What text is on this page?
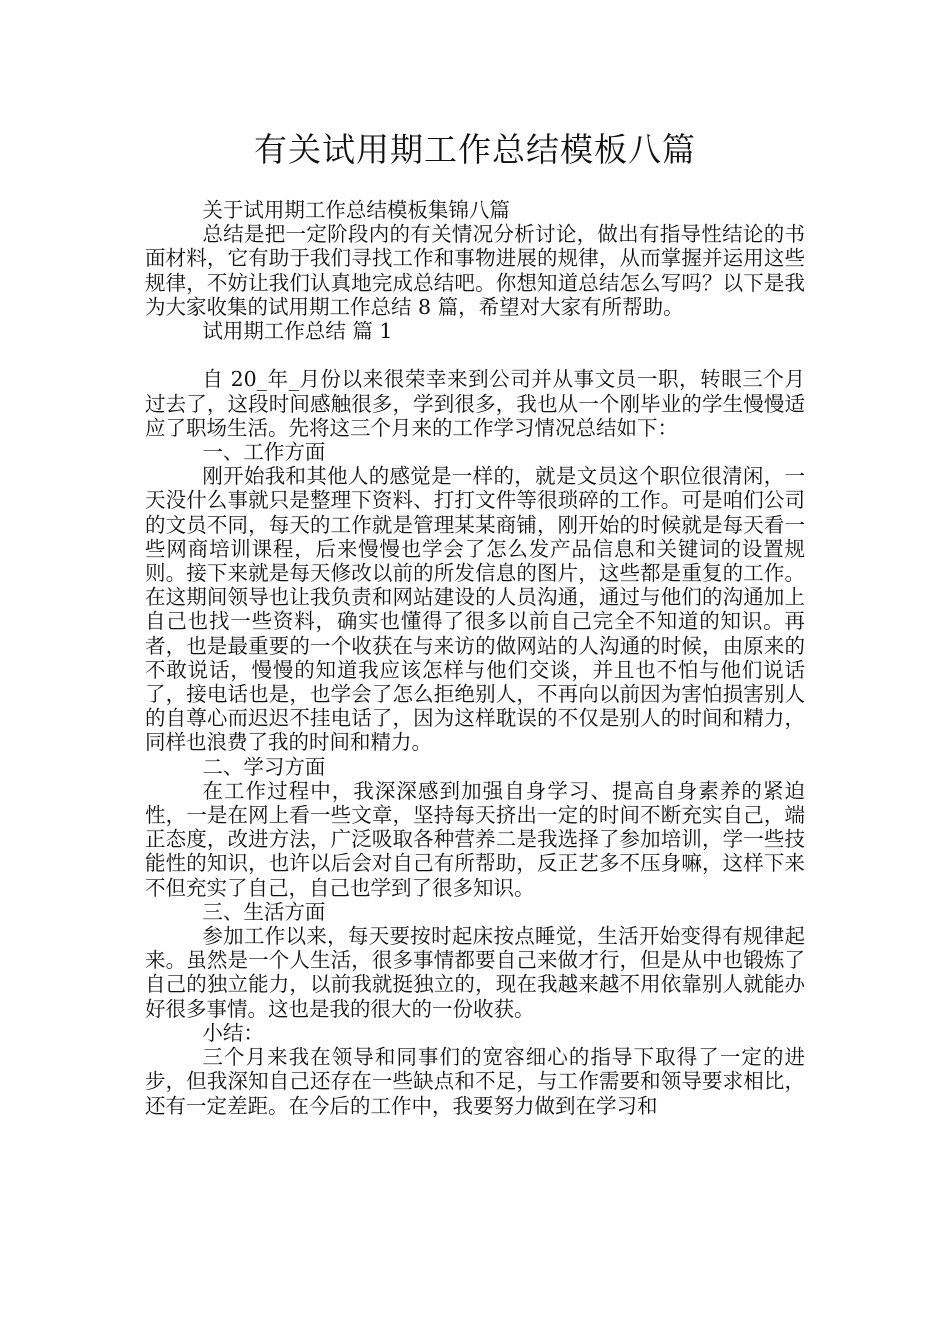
有关试用期工作总结模板八篇

关于试用期工作总结模板集锦八篇

总结是把一定阶段内的有关情况分析讨论，做出有指导性结论的书面材料，它有助于我们寻找工作和事物进展的规律，从而掌握并运用这些规律，不妨让我们认真地完成总结吧。你想知道总结怎么写吗？以下是我为大家收集的试用期工作总结 8 篇，希望对大家有所帮助。

试用期工作总结 篇 1

自 20_年_月份以来很荣幸来到公司并从事文员一职，转眼三个月过去了，这段时间感触很多，学到很多，我也从一个刚毕业的学生慢慢适应了职场生活。先将这三个月来的工作学习情况总结如下：

一、工作方面

刚开始我和其他人的感觉是一样的，就是文员这个职位很清闲，一天没什么事就只是整理下资料、打打文件等很琐碎的工作。可是咱们公司的文员不同，每天的工作就是管理某某商铺，刚开始的时候就是每天看一些网商培训课程，后来慢慢也学会了怎么发产品信息和关键词的设置规则。接下来就是每天修改以前的所发信息的图片，这些都是重复的工作。在这期间领导也让我负责和网站建设的人员沟通，通过与他们的沟通加上自己也找一些资料，确实也懂得了很多以前自己完全不知道的知识。再者，也是最重要的一个收获在与来访的做网站的人沟通的时候，由原来的不敢说话，慢慢的知道我应该怎样与他们交谈，并且也不怕与他们说话了，接电话也是，也学会了怎么拒绝别人，不再向以前因为害怕损害别人的自尊心而迟迟不挂电话了，因为这样耽误的不仅是别人的时间和精力，同样也浪费了我的时间和精力。

二、学习方面

在工作过程中，我深深感到加强自身学习、提高自身素养的紧迫性，一是在网上看一些文章，坚持每天挤出一定的时间不断充实自己，端正态度，改进方法，广泛吸取各种营养二是我选择了参加培训，学一些技能性的知识，也许以后会对自己有所帮助，反正艺多不压身嘛，这样下来不但充实了自己，自己也学到了很多知识。

三、生活方面

参加工作以来，每天要按时起床按点睡觉，生活开始变得有规律起来。虽然是一个人生活，很多事情都要自己来做才行，但是从中也锻炼了自己的独立能力，以前我就挺独立的，现在我越来越不用依靠别人就能办好很多事情。这也是我的很大的一份收获。

小结：

三个月来我在领导和同事们的宽容细心的指导下取得了一定的进步，但我深知自己还存在一些缺点和不足，与工作需要和领导要求相比，还有一定差距。在今后的工作中，我要努力做到在学习和
